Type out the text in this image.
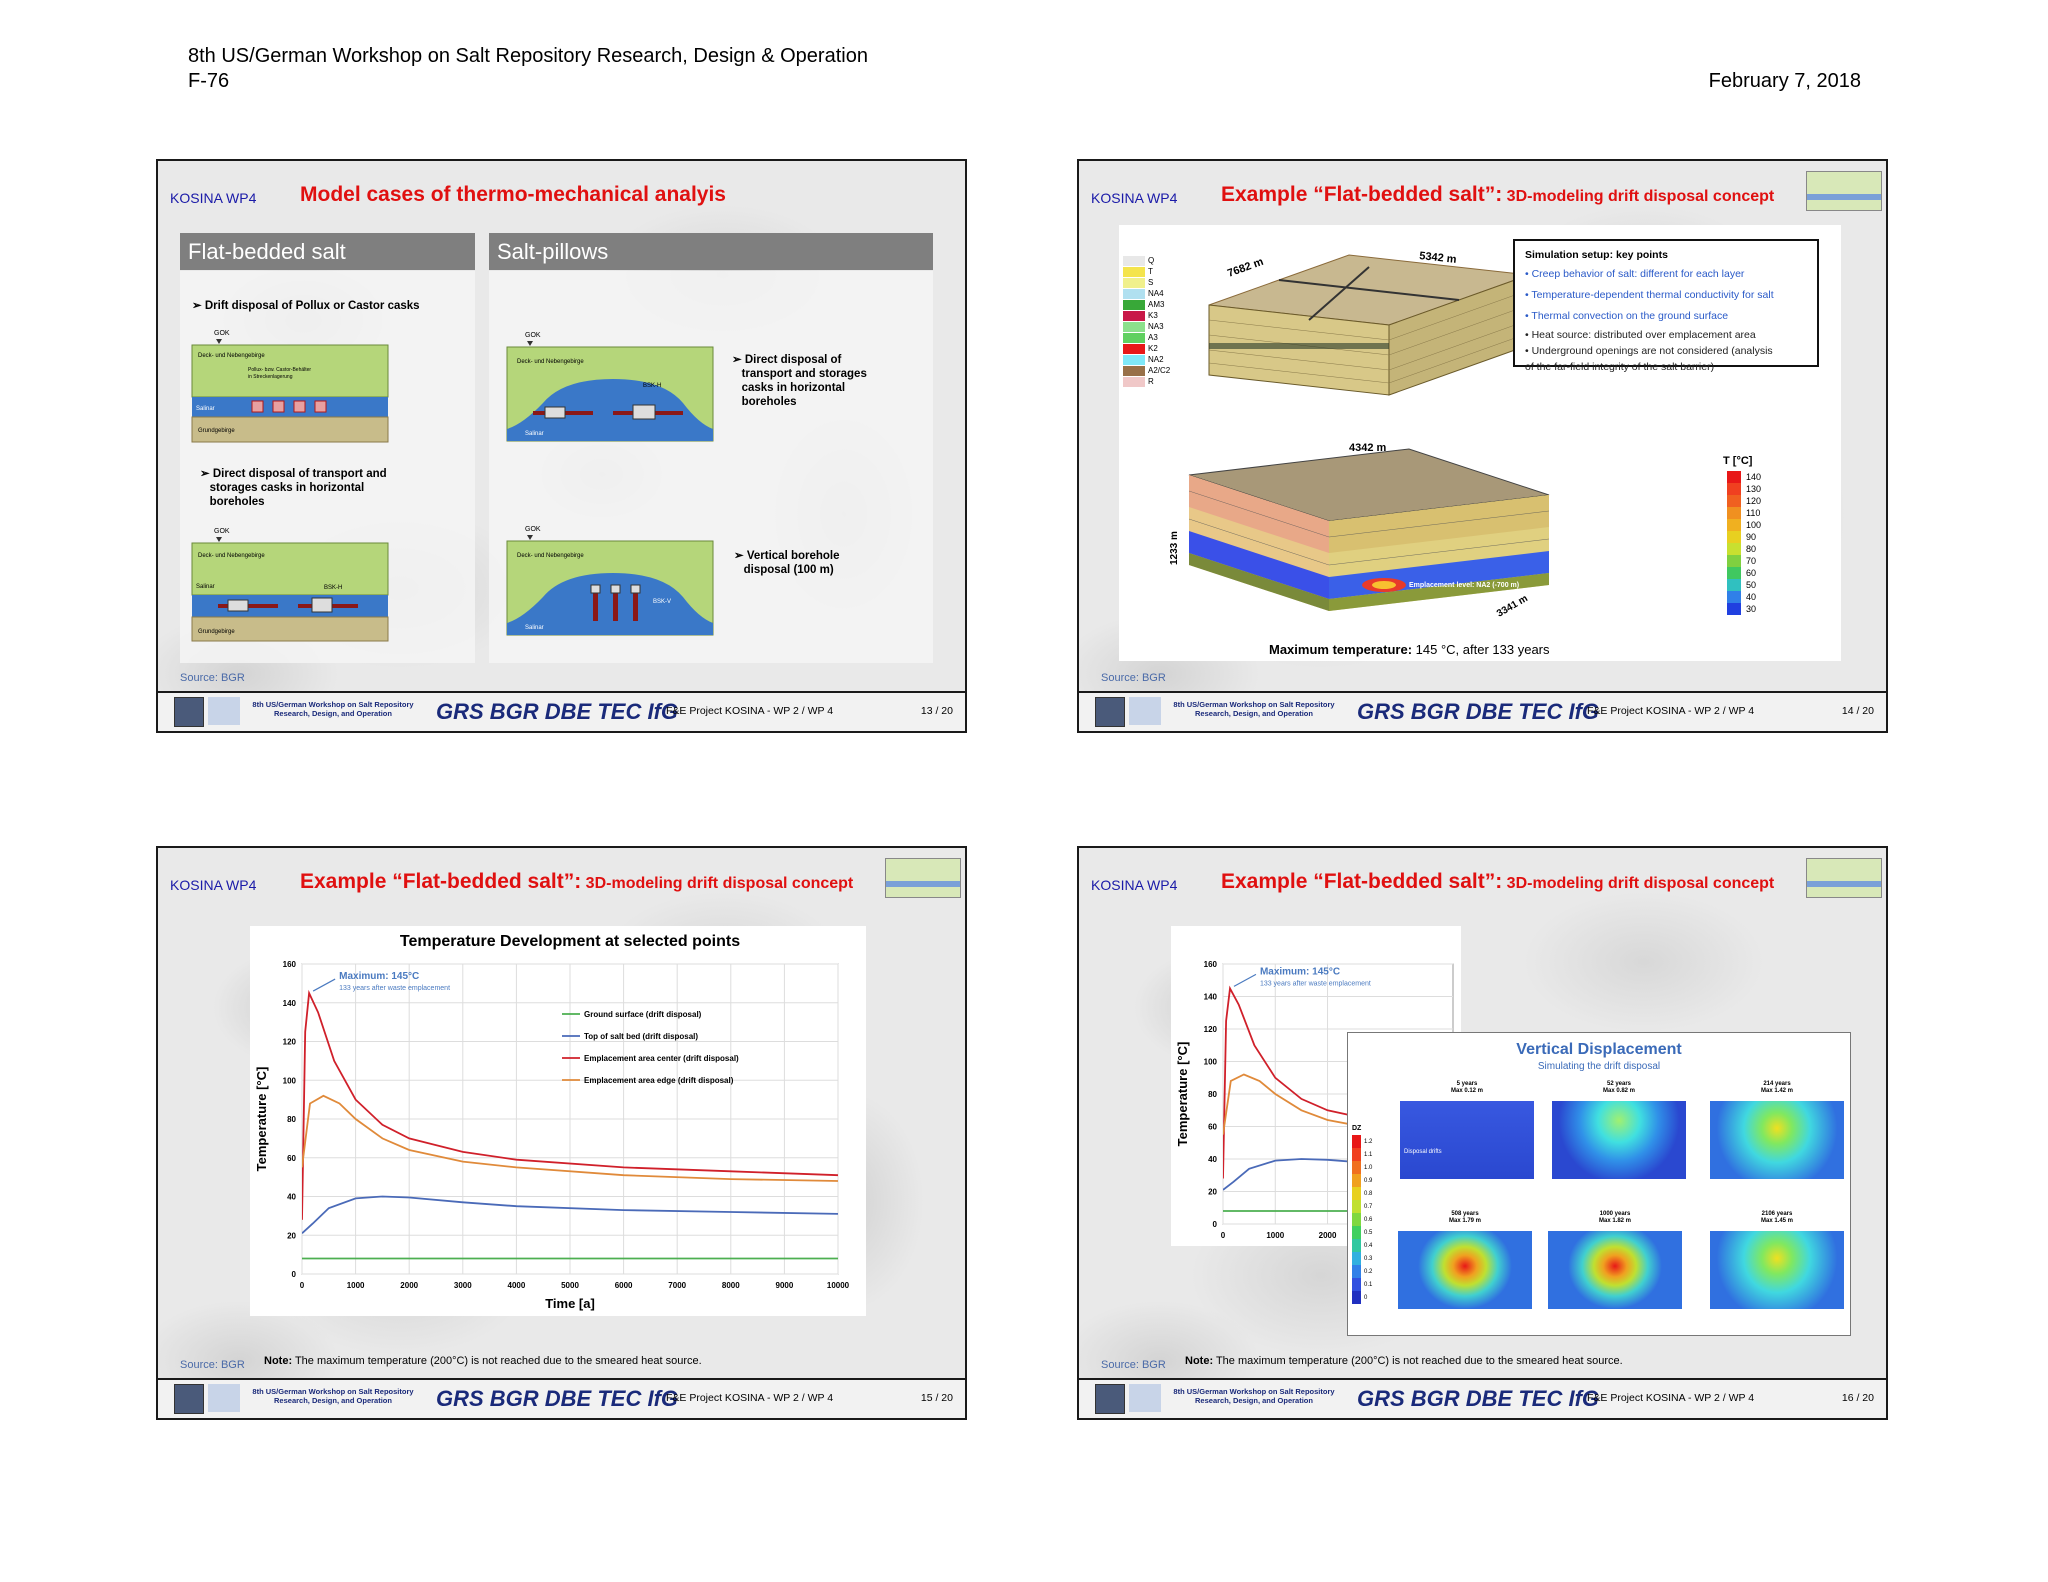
8th US/German Workshop on Salt Repository Research, Design & Operation
F-76	February 7, 2018
KOSINA WP4 Model cases of thermo-mechanical analyis
Flat-bedded salt	Salt-pillows
➢ Drift disposal of Pollux or Castor casks
GOK
Deck- und Nebengebirge
Pollux- bzw. Castor-Behälter
in Streckenlagerung
Salinar
Grundgebirge
➢ Direct disposal of transport and
storages casks in horizontal
boreholes
GOK
Deck- und Nebengebirge
Salinar	BSK-H
Grundgebirge
GOK
Deck- und Nebengebirge
Salinar
BSK-H
➢ Direct disposal of
transport and storages
casks in horizontal
boreholes
GOK
Deck- und Nebengebirge
Salinar
BSK-V
➢ Vertical borehole
disposal (100 m)
Source: BGR
8th US/German Workshop on Salt Repository
Research, Design, and Operation	GRS BGR DBE TEC IfG
F&E Project KOSINA - WP 2 / WP 4	13 / 20
KOSINA WP4 Example “Flat-bedded salt”: 3D-modeling drift disposal concept
Q
T
S
NA4
AM3
K3
NA3
A3
K2
NA2
A2/C2
R
7682 m	5342 m	Simulation setup: key points
• Creep behavior of salt: different for each layer
• Temperature-dependent thermal conductivity for salt
• Thermal convection on the ground surface
• Heat source: distributed over emplacement area
• Underground openings are not considered (analysis
of the far-field integrity of the salt barrier)
Emplacement level: NA2 (-700 m)
4342 m
1233 m
3341 m
T [°C]
140
130
120
110
100
90
80
70
60
50
40
30
Maximum temperature: 145 °C, after 133 years
Source: BGR
8th US/German Workshop on Salt Repository
Research, Design, and Operation	GRS BGR DBE TEC IfG
F&E Project KOSINA - WP 2 / WP 4	14 / 20
KOSINA WP4 Example “Flat-bedded salt”: 3D-modeling drift disposal concept
Temperature Development at selected points
0
20
40
60
80
100
120
140
160
0	1000	2000	3000	4000	5000	6000	7000	8000	9000	10000
Time [a]
Temperature [°C]
Maximum: 145°C
133 years after waste emplacement
Ground surface (drift disposal)
Top of salt bed (drift disposal)
Emplacement area center (drift disposal)
Emplacement area edge (drift disposal)
Note: The maximum temperature (200°C) is not reached due to the smeared heat source.
Source: BGR
8th US/German Workshop on Salt Repository
Research, Design, and Operation	GRS BGR DBE TEC IfG
F&E Project KOSINA - WP 2 / WP 4	15 / 20
KOSINA WP4 Example “Flat-bedded salt”: 3D-modeling drift disposal concept
0
20
40
60
80
100
120
140
160
0	1000	2000
Temperature [°C]
Maximum: 145°C
133 years after waste emplacement
Vertical Displacement
Simulating the drift disposal
DZ
1.2
1.1
1.0
0.9
0.8
0.7
0.6
0.5
0.4
0.3
0.2
0.1
0
5 years
Max 0.12 m
Disposal drifts
52 years
Max 0.82 m
214 years
Max 1.42 m
508 years
Max 1.79 m
1000 years
Max 1.82 m
2106 years
Max 1.45 m
Note: The maximum temperature (200°C) is not reached due to the smeared heat source.
Source: BGR
8th US/German Workshop on Salt Repository
Research, Design, and Operation	GRS BGR DBE TEC IfG
F&E Project KOSINA - WP 2 / WP 4	16 / 20
